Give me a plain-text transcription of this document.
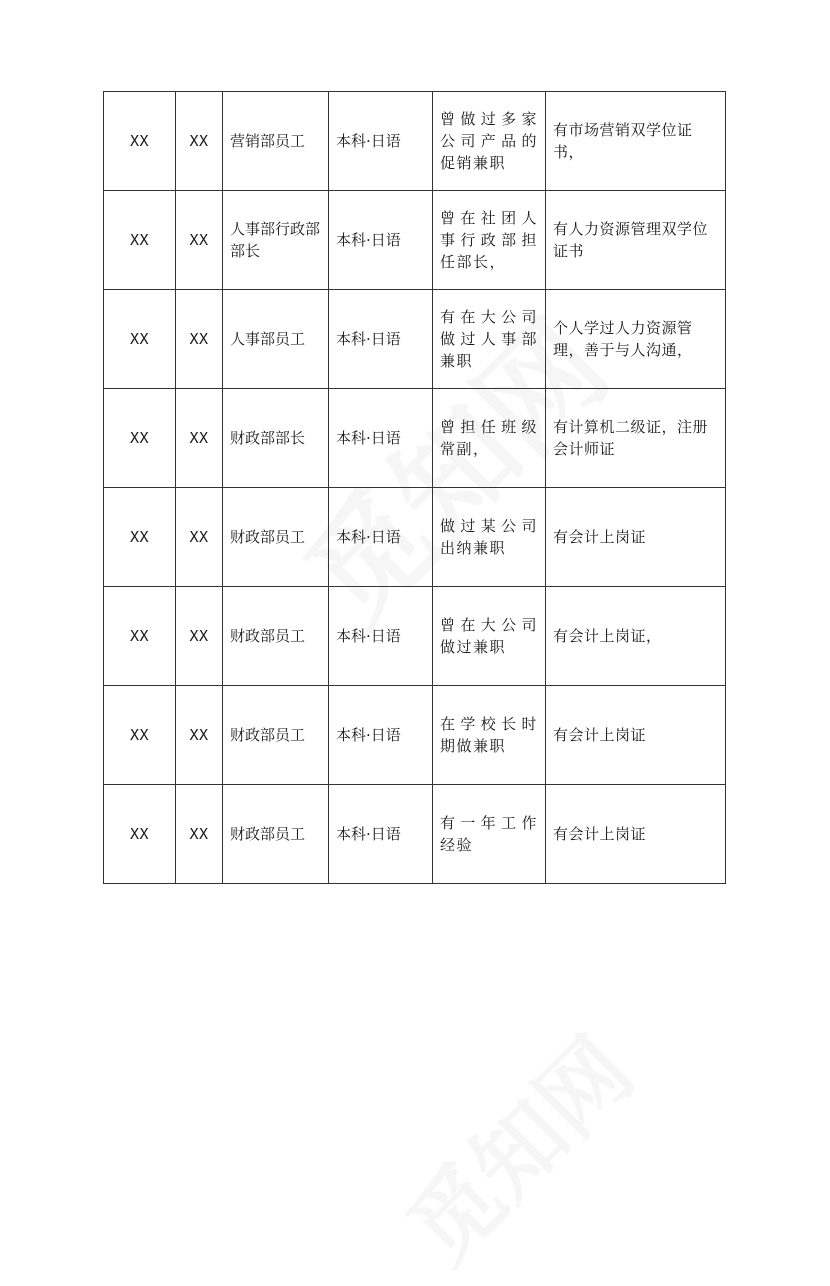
XX	XX	营销部员工	本科·日语	曾做过多家公司产品的促销兼职	有市场营销双学位证书，
XX	XX	人事部行政部部长	本科·日语	曾在社团人事行政部担任部长，	有人力资源管理双学位证书
XX	XX	人事部员工	本科·日语	有在大公司做过人事部兼职	个人学过人力资源管理，善于与人沟通，
XX	XX	财政部部长	本科·日语	曾担任班级常副，	有计算机二级证，注册会计师证
XX	XX	财政部员工	本科·日语	做过某公司出纳兼职	有会计上岗证
XX	XX	财政部员工	本科·日语	曾在大公司做过兼职	有会计上岗证，
XX	XX	财政部员工	本科·日语	在学校长时期做兼职	有会计上岗证
XX	XX	财政部员工	本科·日语	有一年工作经验	有会计上岗证
